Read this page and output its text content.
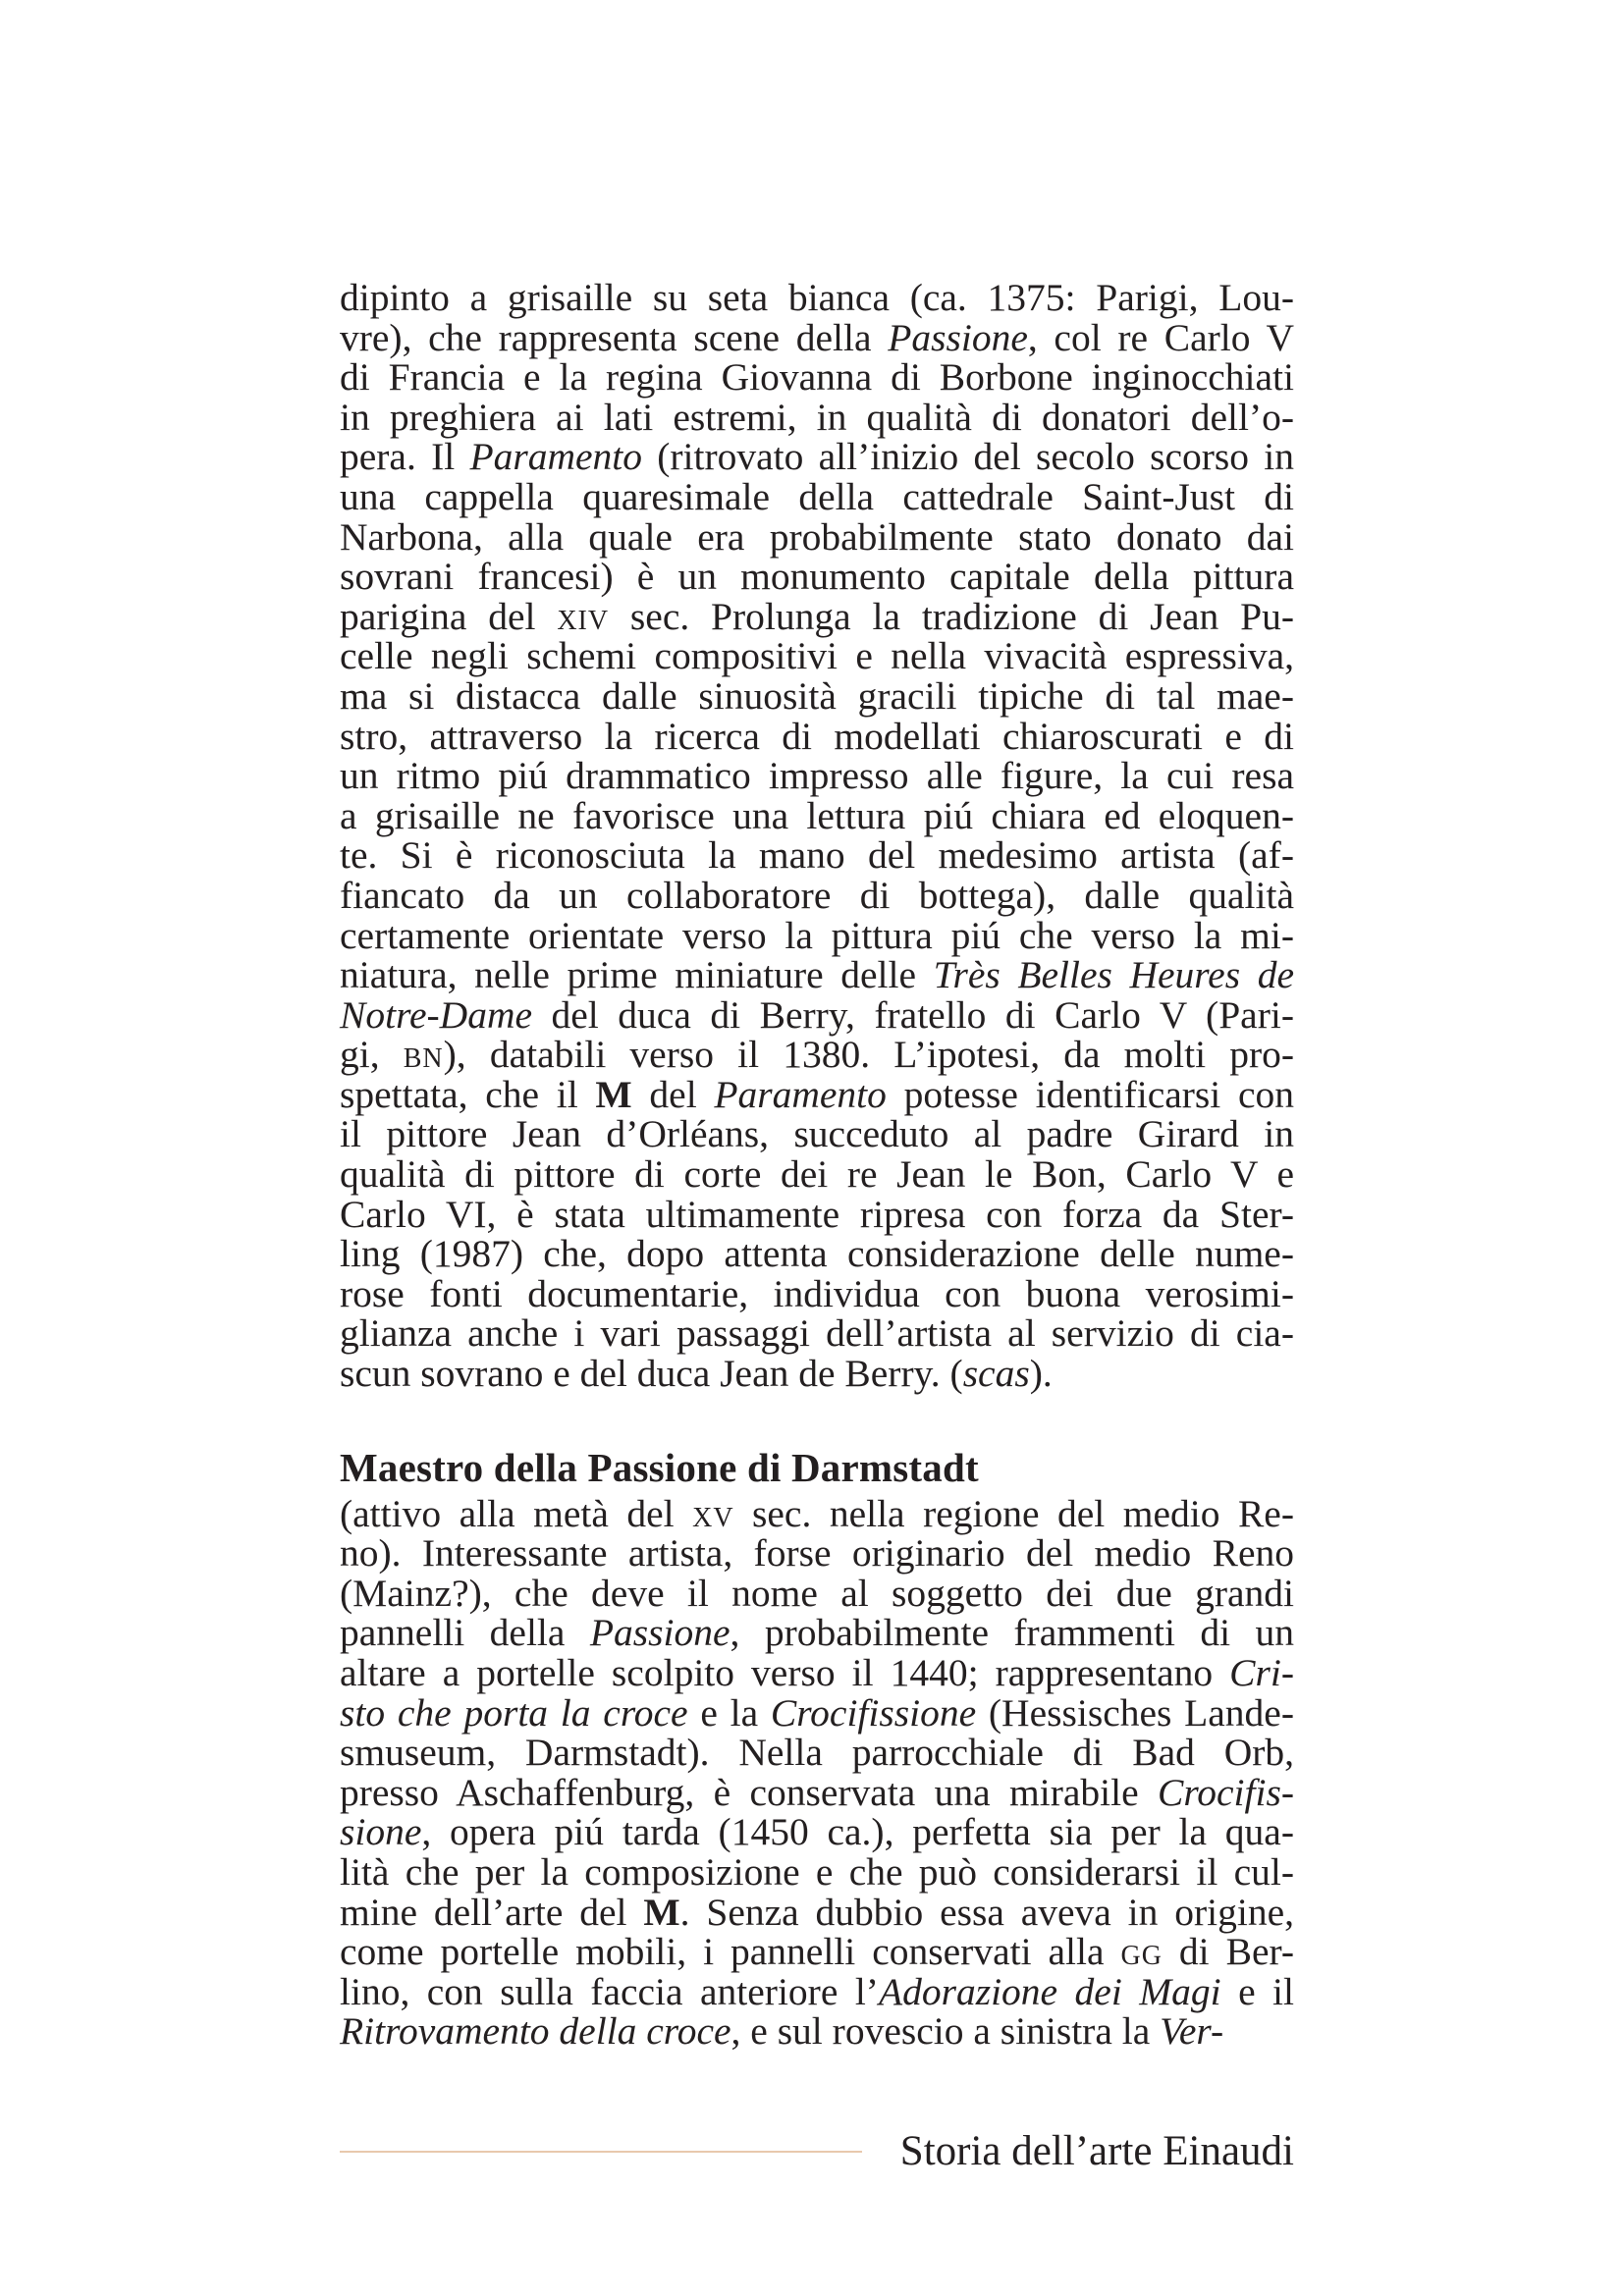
dipinto a grisaille su seta bianca (ca. 1375: Parigi, Lou-
vre), che rappresenta scene della Passione, col re Carlo V
di Francia e la regina Giovanna di Borbone inginocchiati
in preghiera ai lati estremi, in qualità di donatori dell’o-
pera. Il Paramento (ritrovato all’inizio del secolo scorso in
una cappella quaresimale della cattedrale Saint-Just di
Narbona, alla quale era probabilmente stato donato dai
sovrani francesi) è un monumento capitale della pittura
parigina del xiv sec. Prolunga la tradizione di Jean Pu-
celle negli schemi compositivi e nella vivacità espressiva,
ma si distacca dalle sinuosità gracili tipiche di tal mae-
stro, attraverso la ricerca di modellati chiaroscurati e di
un ritmo piú drammatico impresso alle figure, la cui resa
a grisaille ne favorisce una lettura piú chiara ed eloquen-
te. Si è riconosciuta la mano del medesimo artista (af-
fiancato da un collaboratore di bottega), dalle qualità
certamente orientate verso la pittura piú che verso la mi-
niatura, nelle prime miniature delle Très Belles Heures de
Notre-Dame del duca di Berry, fratello di Carlo V (Pari-
gi, bn), databili verso il 1380. L’ipotesi, da molti pro-
spettata, che il M del Paramento potesse identificarsi con
il pittore Jean d’Orléans, succeduto al padre Girard in
qualità di pittore di corte dei re Jean le Bon, Carlo V e
Carlo VI, è stata ultimamente ripresa con forza da Ster-
ling (1987) che, dopo attenta considerazione delle nume-
rose fonti documentarie, individua con buona verosimi-
glianza anche i vari passaggi dell’artista al servizio di cia-
scun sovrano e del duca Jean de Berry. (scas).
Maestro della Passione di Darmstadt
(attivo alla metà del xv sec. nella regione del medio Re-
no). Interessante artista, forse originario del medio Reno
(Mainz?), che deve il nome al soggetto dei due grandi
pannelli della Passione, probabilmente frammenti di un
altare a portelle scolpito verso il 1440; rappresentano Cri-
sto che porta la croce e la Crocifissione (Hessisches Lande-
smuseum, Darmstadt). Nella parrocchiale di Bad Orb,
presso Aschaffenburg, è conservata una mirabile Crocifis-
sione, opera piú tarda (1450 ca.), perfetta sia per la qua-
lità che per la composizione e che può considerarsi il cul-
mine dell’arte del M. Senza dubbio essa aveva in origine,
come portelle mobili, i pannelli conservati alla gg di Ber-
lino, con sulla faccia anteriore l’Adorazione dei Magi e il
Ritrovamento della croce, e sul rovescio a sinistra la Ver-
Storia dell’arte Einaudi
